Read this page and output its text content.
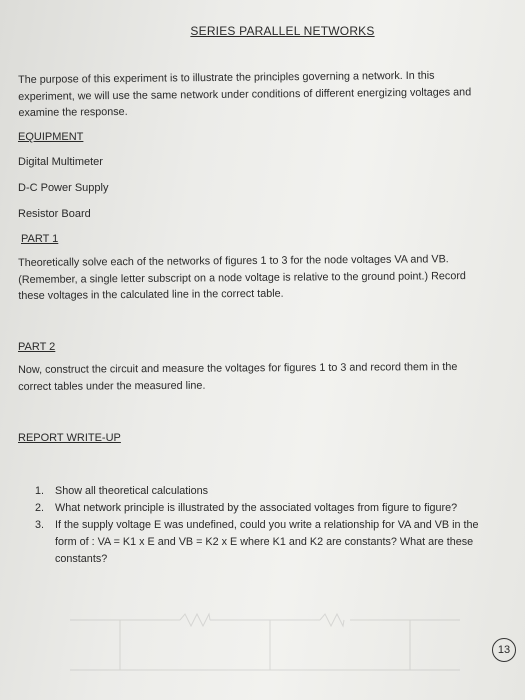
SERIES PARALLEL NETWORKS
The purpose of this experiment is to illustrate the principles governing a network. In this experiment, we will use the same network under conditions of different energizing voltages and examine the response.
EQUIPMENT
Digital Multimeter
D-C Power Supply
Resistor Board
PART 1
Theoretically solve each of the networks of figures 1 to 3 for the node voltages VA and VB. (Remember, a single letter subscript on a node voltage is relative to the ground point.) Record these voltages in the calculated line in the correct table.
PART 2
Now, construct the circuit and measure the voltages for figures 1 to 3 and record them in the correct tables under the measured line.
REPORT WRITE-UP
1. Show all theoretical calculations
2. What network principle is illustrated by the associated voltages from figure to figure?
3. If the supply voltage E was undefined, could you write a relationship for VA and VB in the form of : VA = K1 x E and VB = K2 x E where K1 and K2 are constants? What are these constants?
13
